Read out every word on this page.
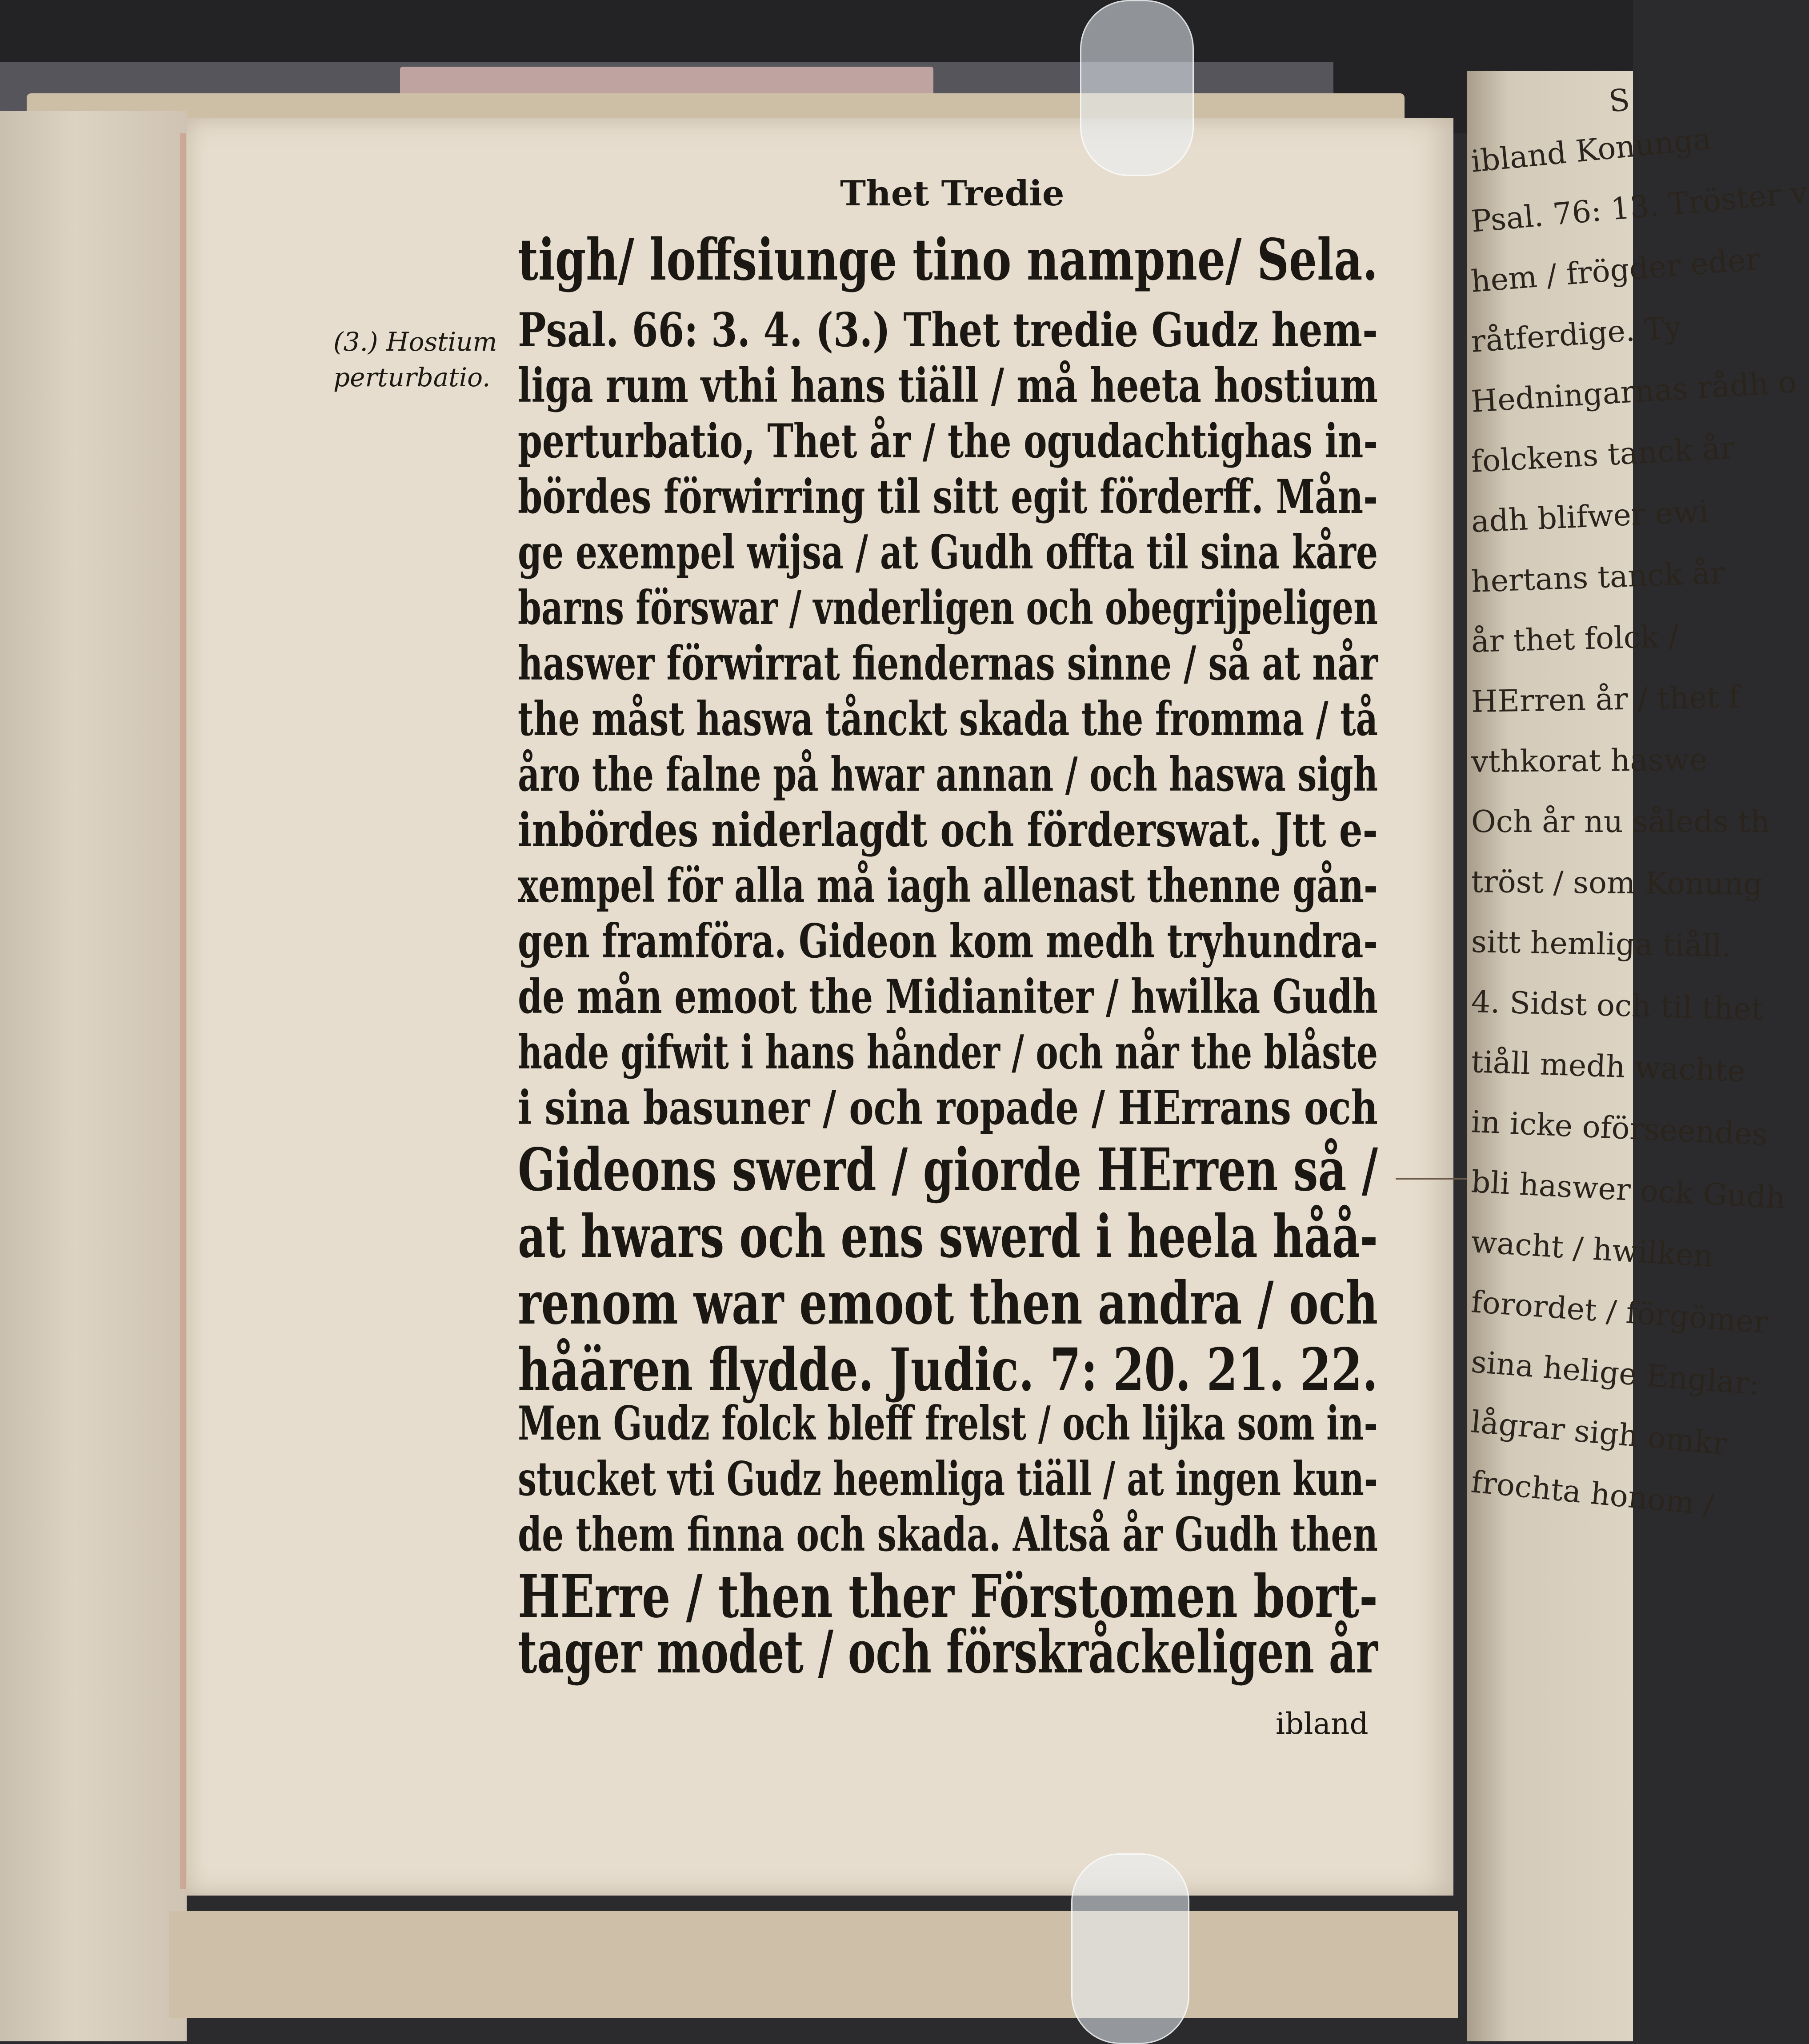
Thet Tredie
(3.) Hostium
perturbatio.
tigh/ loffsiunge tino nampne/ Sela.
Psal. 66: 3. 4. (3.) Thet tredie Gudz hem-
liga rum vthi hans tiäll / må heeta hostium
perturbatio, Thet år / the ogudachtighas in-
bördes förwirring til sitt egit förderff. Mån-
ge exempel wijsa / at Gudh offta til sina kåre
barns förswar / vnderligen och obegrijpeligen
haswer förwirrat fiendernas sinne / så at når
the måst haswa tånckt skada the fromma / tå
åro the falne på hwar annan / och haswa sigh
inbördes niderlagdt och förderswat. Jtt e-
xempel för alla må iagh allenast thenne gån-
gen framföra. Gideon kom medh tryhundra-
de mån emoot the Midianiter / hwilka Gudh
hade gifwit i hans hånder / och når the blåste
i sina basuner / och ropade / HErrans och
Gideons swerd / giorde HErren så /
at hwars och ens swerd i heela håå-
renom war emoot then andra / och
håären flydde. Judic. 7: 20. 21. 22.
Men Gudz folck bleff frelst / och lijka som in-
stucket vti Gudz heemliga tiäll / at ingen kun-
de them finna och skada. Altså år Gudh then
HErre / then ther Förstomen bort-
tager modet / och förskråckeligen år
ibland
S
ibland Konunga
Psal. 76: 13. Tröster v
hem / frögder eder
råtferdige. Ty
Hedningarnas rådh o
folckens tanck år
adh blifwer ewi
hertans tanck år
år thet folck /
HErren år / thet f
vthkorat haswe
Och år nu såleds th
tröst / som Konung
sitt hemliga tiåll.
4. Sidst och til thet
tiåll medh wachte
in icke oförseendes
bli haswer ock Gudh
wacht / hwilken
forordet / förgömer
sina helige Englar:
lågrar sigh omkr
frochta honom /
